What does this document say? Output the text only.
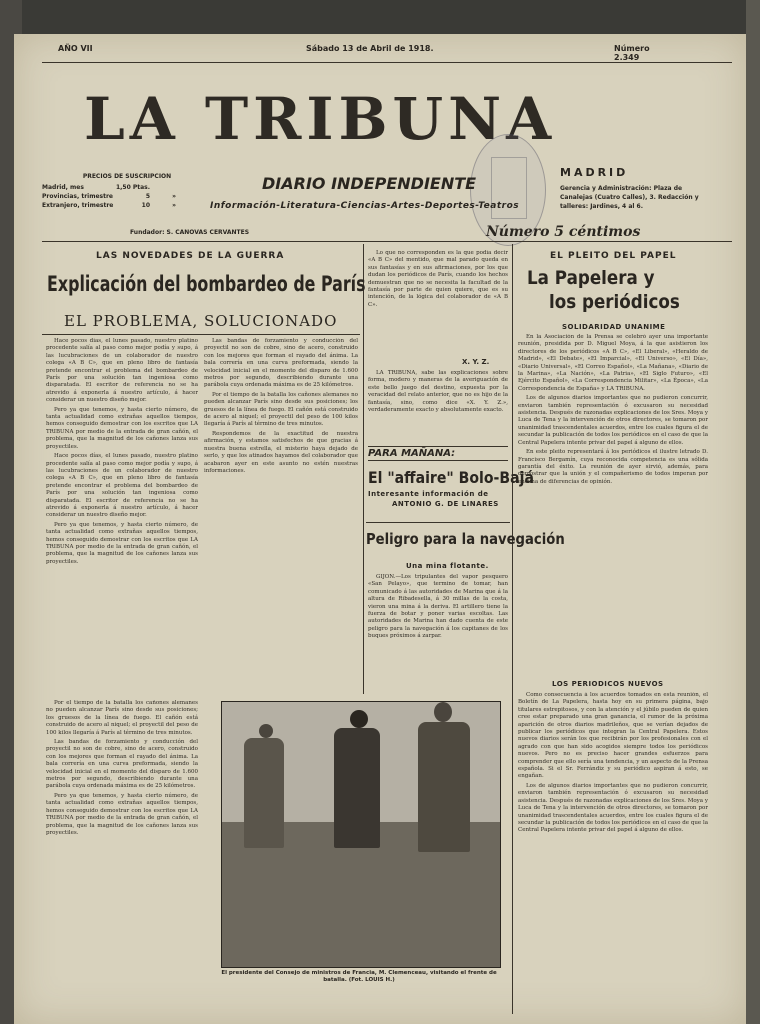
AÑO VII	Sábado 13 de Abril de 1918.	Número 2.349
LA TRIBUNA
PRECIOS DE SUSCRIPCION
Madrid, mes	1,50 Ptas.
Provincias, trimestre	5	»
Extranjero, trimestre	10	»
DIARIO INDEPENDIENTE
Información-Literatura-Ciencias-Artes-Deportes-Teatros
MADRID
Gerencia y Administración: Plaza de Canalejas (Cuatro Calles), 3. Redacción y talleres: Jardines, 4 al 6.
Fundador: S. CANOVAS CERVANTES	Número 5 céntimos
LAS NOVEDADES DE LA GUERRA
Explicación del bombardeo de París
EL PROBLEMA, SOLUCIONADO

Hace pocos días, el lunes pasado, nuestro platino procedente salía al paso como mejor podía y supo, á las lucubraciones de un colaborador de nuestro colega «A B C», que en pleno libro de fantasía pretende encontrar el problema del bombardeo de París por una solución tan ingeniosa como disparatada. El escritor de referencia no se ha atrevido á exponerla á nuestro artículo, á hacer considerar un nuestro diseño mejor.

Pero ya que tenemos, y hasta cierto número, de tanta actualidad como extrañas aquellos tiempos, hemos conseguido demostrar con los escritos que LA TRIBUNA por medio de la entrada de gran cañón, el problema, que la magnitud de los cañones lanza sus proyectiles.

Hace pocos días, el lunes pasado, nuestro platino procedente salía al paso como mejor podía y supo, á las lucubraciones de un colaborador de nuestro colega «A B C», que en pleno libro de fantasía pretende encontrar el problema del bombardeo de París por una solución tan ingeniosa como disparatada. El escritor de referencia no se ha atrevido á exponerla á nuestro artículo, á hacer considerar un nuestro diseño mejor.

Pero ya que tenemos, y hasta cierto número, de tanta actualidad como extrañas aquellos tiempos, hemos conseguido demostrar con los escritos que LA TRIBUNA por medio de la entrada de gran cañón, el problema, que la magnitud de los cañones lanza sus proyectiles.

Las bandas de forzamiento y conducción del proyectil no son de cobre, sino de acero, construido con los mejores que forman el rayado del ánima. La bala correría en una curva preformada, siendo la velocidad inicial en el momento del disparo de 1.600 metros por segundo, describiendo durante una parábola cuya ordenada máxima es de 25 kilómetros.

Por el tiempo de la batalla los cañones alemanes no pueden alcanzar París sino desde sus posiciones; los gruesos de la línea de fuego. El cañón está construido de acero al niquel; el proyectil del peso de 100 kilos llegaría á París al término de tres minutos.

Respondemos de la exactitud de nuestra afirmación, y estamos satisfechos de que gracias á nuestra buena estrella, el misterio haya dejado de serlo, y que los atinados hayamos del colaborador que acabaron ayer en este asunto no estén nuestras informaciones.

Por el tiempo de la batalla los cañones alemanes no pueden alcanzar París sino desde sus posiciones; los gruesos de la línea de fuego. El cañón está construido de acero al niquel; el proyectil del peso de 100 kilos llegaría á París al término de tres minutos.

Las bandas de forzamiento y conducción del proyectil no son de cobre, sino de acero, construido con los mejores que forman el rayado del ánima. La bala correría en una curva preformada, siendo la velocidad inicial en el momento del disparo de 1.600 metros por segundo, describiendo durante una parábola cuya ordenada máxima es de 25 kilómetros.

Pero ya que tenemos, y hasta cierto número, de tanta actualidad como extrañas aquellos tiempos, hemos conseguido demostrar con los escritos que LA TRIBUNA por medio de la entrada de gran cañón, el problema, que la magnitud de los cañones lanza sus proyectiles.

Lo que no corresponden es la que podía decir «A B C» del mentido, que mal parado queda en sus fantasías y en sus afirmaciones, por los que dudan los periódicos de París, cuando los hechos demuestran que no se necesita la facultad de la fantasía por parte de quien quiere, que es su intención, de la lógica del colaborador de «A B C».

X. Y. Z.

LA TRIBUNA, sabe las explicaciones sobre forma, modero y maneras de la averiguación de este bello juego del destino, expuesta por la veracidad del relato anterior, que no es hijo de la fantasía, sino, como dice «X. Y. Z.», verdaderamente exacto y absolutamente exacto.

PARA MAÑANA:
El "affaire" Bolo-Bajá
Interesante información de
ANTONIO G. DE LINARES
Peligro para la navegación
Una mina flotante.

GIJON.—Los tripulantes del vapor pesquero «San Pelayo», que termino de tomar, han comunicado á las autoridades de Marina que á la altura de Ribadesella, á 30 millas de la costa, vieron una mina á la deriva. El artillero tiene la fuerza de botar y poner varias escoltas. Las autoridades de Marina han dado cuenta de este peligro para la navegación á los capitanes de los buques próximos á zarpar.

El presidente del Consejo de ministros de Francia, M. Clemenceau, visitando el frente de batalla. (Fot. LOUIS H.)
EL PLEITO DEL PAPEL
La Papelera y
los periódicos
SOLIDARIDAD UNANIME

En la Asociación de la Prensa se celebró ayer una importante reunión, presidida por D. Miguel Moya, á la que asistieron los directores de los periódicos «A B C», «El Liberal», «Heraldo de Madrid», «El Debate», «El Imparcial», «El Universo», «El Día», «Diario Universal», «El Correo Español», «La Mañana», «Diario de la Marina», «La Nación», «La Patria», «El Siglo Futuro», «El Ejército Español», «La Correspondencia Militar», «La Época», «La Correspondencia de España» y LA TRIBUNA.

Los de algunos diarios importantes que no pudieron concurrir, enviaron también representación ó excusaron su necesidad asistencia. Después de razonadas explicaciones de los Sres. Moya y Luca de Tena y la intervención de otros directores, se tomaron por unanimidad trascendentales acuerdos, entre los cuales figura el de secundar la publicación de todos los periódicos en el caso de que la Central Papelera intente privar del papel á alguno de ellos.

En este pleito representará á los periódicos el ilustre letrado D. Francisco Bergamín, cuya reconocida competencia es una sólida garantía del éxito. La reunión de ayer sirvió, además, para demostrar que la unión y el compañerismo de todos imperan por encima de diferencias de opinión.

LOS PERIODICOS NUEVOS

Como consecuencia á los acuerdos tomados en esta reunión, el Boletín de La Papelera, hasta hoy en su primera página, bajo titulares estrepitosos, y con la atención y el júbilo pueden de quien cree estar preparado una gran ganancia, el rumor de la próxima aparición de otros diarios madrileños, que se verían dejados de publicar los periódicos que integran la Central Papelera. Estos nuevos diarios serán los que recibirán por los profesionales con el agrado con que han sido acogidos siempre todos los periódicos nuevos. Pero no es preciso hacer grandes esfuerzos para comprender que ello sería una tendencia, y un aspecto de la Prensa española. Si el Sr. Ferrándiz y su periódico aspiran á esto, se engañan.

Los de algunos diarios importantes que no pudieron concurrir, enviaron también representación ó excusaron su necesidad asistencia. Después de razonadas explicaciones de los Sres. Moya y Luca de Tena y la intervención de otros directores, se tomaron por unanimidad trascendentales acuerdos, entre los cuales figura el de secundar la publicación de todos los periódicos en el caso de que la Central Papelera intente privar del papel á alguno de ellos.
